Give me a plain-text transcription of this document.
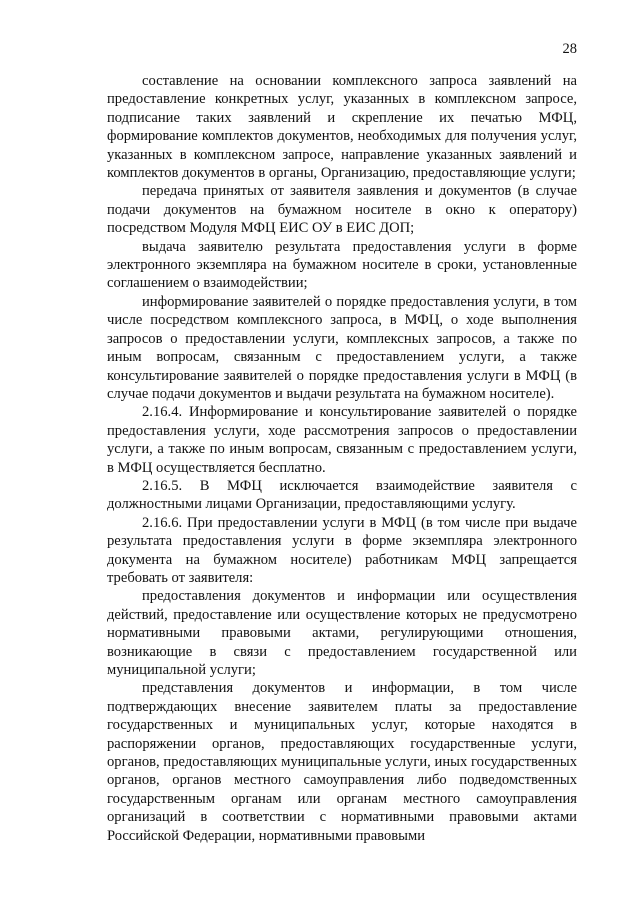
28

составление на основании комплексного запроса заявлений на предоставление конкретных услуг, указанных в комплексном запросе, подписание таких заявлений и скрепление их печатью МФЦ, формирование комплектов документов, необходимых для получения услуг, указанных в комплексном запросе, направление указанных заявлений и комплектов документов в органы, Организацию, предоставляющие услуги;

передача принятых от заявителя заявления и документов (в случае подачи документов на бумажном носителе в окно к оператору) посредством Модуля МФЦ ЕИС ОУ в ЕИС ДОП;

выдача заявителю результата предоставления услуги в форме электронного экземпляра на бумажном носителе в сроки, установленные соглашением о взаимодействии;

информирование заявителей о порядке предоставления услуги, в том числе посредством комплексного запроса, в МФЦ, о ходе выполнения запросов о предоставлении услуги, комплексных запросов, а также по иным вопросам, связанным с предоставлением услуги, а также консультирование заявителей о порядке предоставления услуги в МФЦ (в случае подачи документов и выдачи результата на бумажном носителе).

2.16.4. Информирование и консультирование заявителей о порядке предоставления услуги, ходе рассмотрения запросов о предоставлении услуги, а также по иным вопросам, связанным с предоставлением услуги, в МФЦ осуществляется бесплатно.

2.16.5. В МФЦ исключается взаимодействие заявителя с должностными лицами Организации, предоставляющими услугу.

2.16.6. При предоставлении услуги в МФЦ (в том числе при выдаче результата предоставления услуги в форме экземпляра электронного документа на бумажном носителе) работникам МФЦ запрещается требовать от заявителя:

предоставления документов и информации или осуществления действий, предоставление или осуществление которых не предусмотрено нормативными правовыми актами, регулирующими отношения, возникающие в связи с предоставлением государственной или муниципальной услуги;

представления документов и информации, в том числе подтверждающих внесение заявителем платы за предоставление государственных и муниципальных услуг, которые находятся в распоряжении органов, предоставляющих государственные услуги, органов, предоставляющих муниципальные услуги, иных государственных органов, органов местного самоуправления либо подведомственных государственным органам или органам местного самоуправления организаций в соответствии с нормативными правовыми актами Российской Федерации, нормативными правовыми
